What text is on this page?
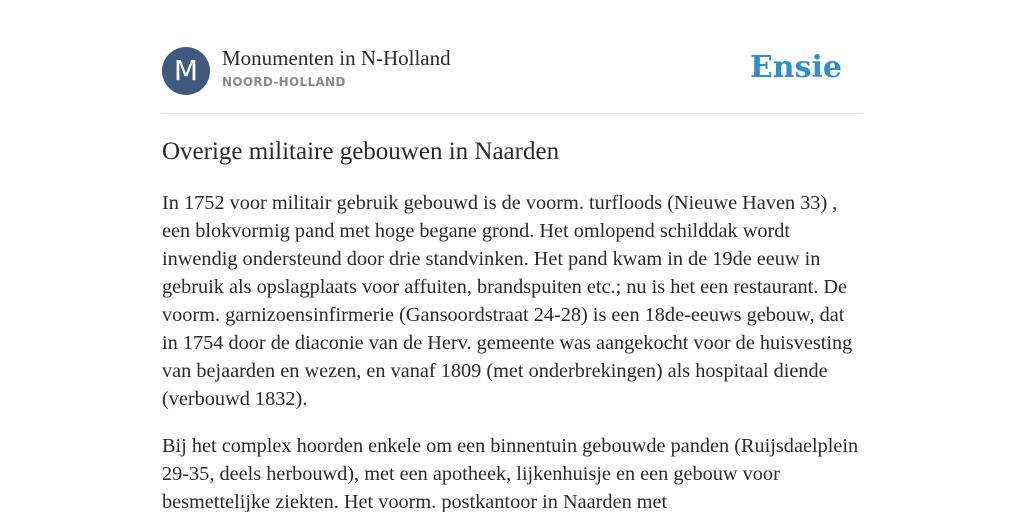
M	Monumenten in N-Holland
NOORD-HOLLAND	Ensie
Overige militaire gebouwen in Naarden

In 1752 voor militair gebruik gebouwd is de voorm. turfloods (Nieuwe Haven 33) , een blokvormig pand met hoge begane grond. Het omlopend schilddak wordt inwendig ondersteund door drie standvinken. Het pand kwam in de 19de eeuw in gebruik als opslagplaats voor affuiten, brandspuiten etc.; nu is het een restaurant. De voorm. garnizoensinfirmerie (Gansoordstraat 24-28) is een 18de-eeuws gebouw, dat in 1754 door de diaconie van de Herv. gemeente was aangekocht voor de huisvesting van bejaarden en wezen, en vanaf 1809 (met onderbrekingen) als hospitaal diende (verbouwd 1832).

Bij het complex hoorden enkele om een binnentuin gebouwde panden (Ruijsdaelplein 29-35, deels herbouwd), met een apotheek, lijkenhuisje en een gebouw voor besmettelijke ziekten. Het voorm. postkantoor in Naarden met
